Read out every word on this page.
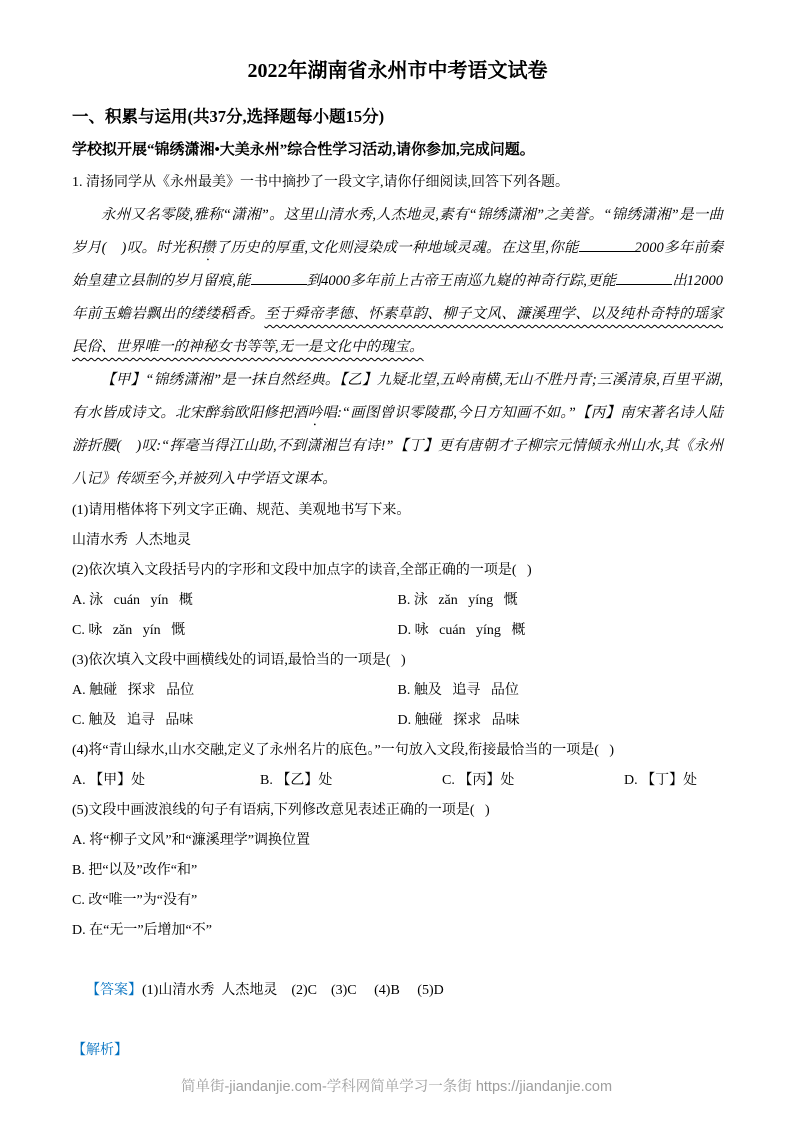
2022年湖南省永州市中考语文试卷
一、积累与运用(共37分,选择题每小题15分)
学校拟开展“锦绣潇湘•大美永州”综合性学习活动,请你参加,完成问题。
1. 清扬同学从《永州最美》一书中摘抄了一段文字,请你仔细阅读,回答下列各题。

永州又名零陵,雅称“潇湘”。这里山清水秀,人杰地灵,素有“锦绣潇湘”之美誉。“锦绣潇湘”是一曲岁月(　)叹。时光积攒了历史的厚重,文化则浸染成一种地域灵魂。在这里,你能	2000多年前秦始皇建立县制的岁月留痕,能	到4000多年前上古帝王南巡九嶷的神奇行踪,更能	出12000年前玉蟾岩飘出的缕缕稻香。至于舜帝孝德、怀素草韵、柳子文风、濂溪理学、以及纯朴奇特的瑶家民俗、世界唯一的神秘女书等等,无一是文化中的瑰宝。

【甲】“锦绣潇湘”是一抹自然经典。【乙】九疑北望,五岭南横,无山不胜丹青;三溪清泉,百里平湖,有水皆成诗文。北宋醉翁欧阳修把酒吟唱:“画图曾识零陵郡,今日方知画不如。”【丙】南宋著名诗人陆游折腰(　)叹:“挥毫当得江山助,不到潇湘岂有诗!”【丁】更有唐朝才子柳宗元情倾永州山水,其《永州八记》传颂至今,并被列入中学语文课本。

(1)请用楷体将下列文字正确、规范、美观地书写下来。
山清水秀  人杰地灵
(2)依次填入文段括号内的字形和文段中加点字的读音,全部正确的一项是(   )
A. 泳   cuán   yín   概	B. 泳   zǎn   yíng   慨
C. 咏   zǎn   yín   慨	D. 咏   cuán   yíng   概
(3)依次填入文段中画横线处的词语,最恰当的一项是(   )
A. 触碰   探求   品位	B. 触及   追寻   品位
C. 触及   追寻   品味	D. 触碰   探求   品味
(4)将“青山绿水,山水交融,定义了永州名片的底色。”一句放入文段,衔接最恰当的一项是(   )
A. 【甲】处	B. 【乙】处	C. 【丙】处	D. 【丁】处
(5)文段中画波浪线的句子有语病,下列修改意见表述正确的一项是(   )
A. 将“柳子文风”和“濂溪理学”调换位置
B. 把“以及”改作“和”
C. 改“唯一”为“没有”
D. 在“无一”后增加“不”

【答案】(1)山清水秀  人杰地灵    (2)C    (3)C     (4)B     (5)D

【解析】
简单街-jiandanjie.com-学科网简单学习一条街 https://jiandanjie.com
